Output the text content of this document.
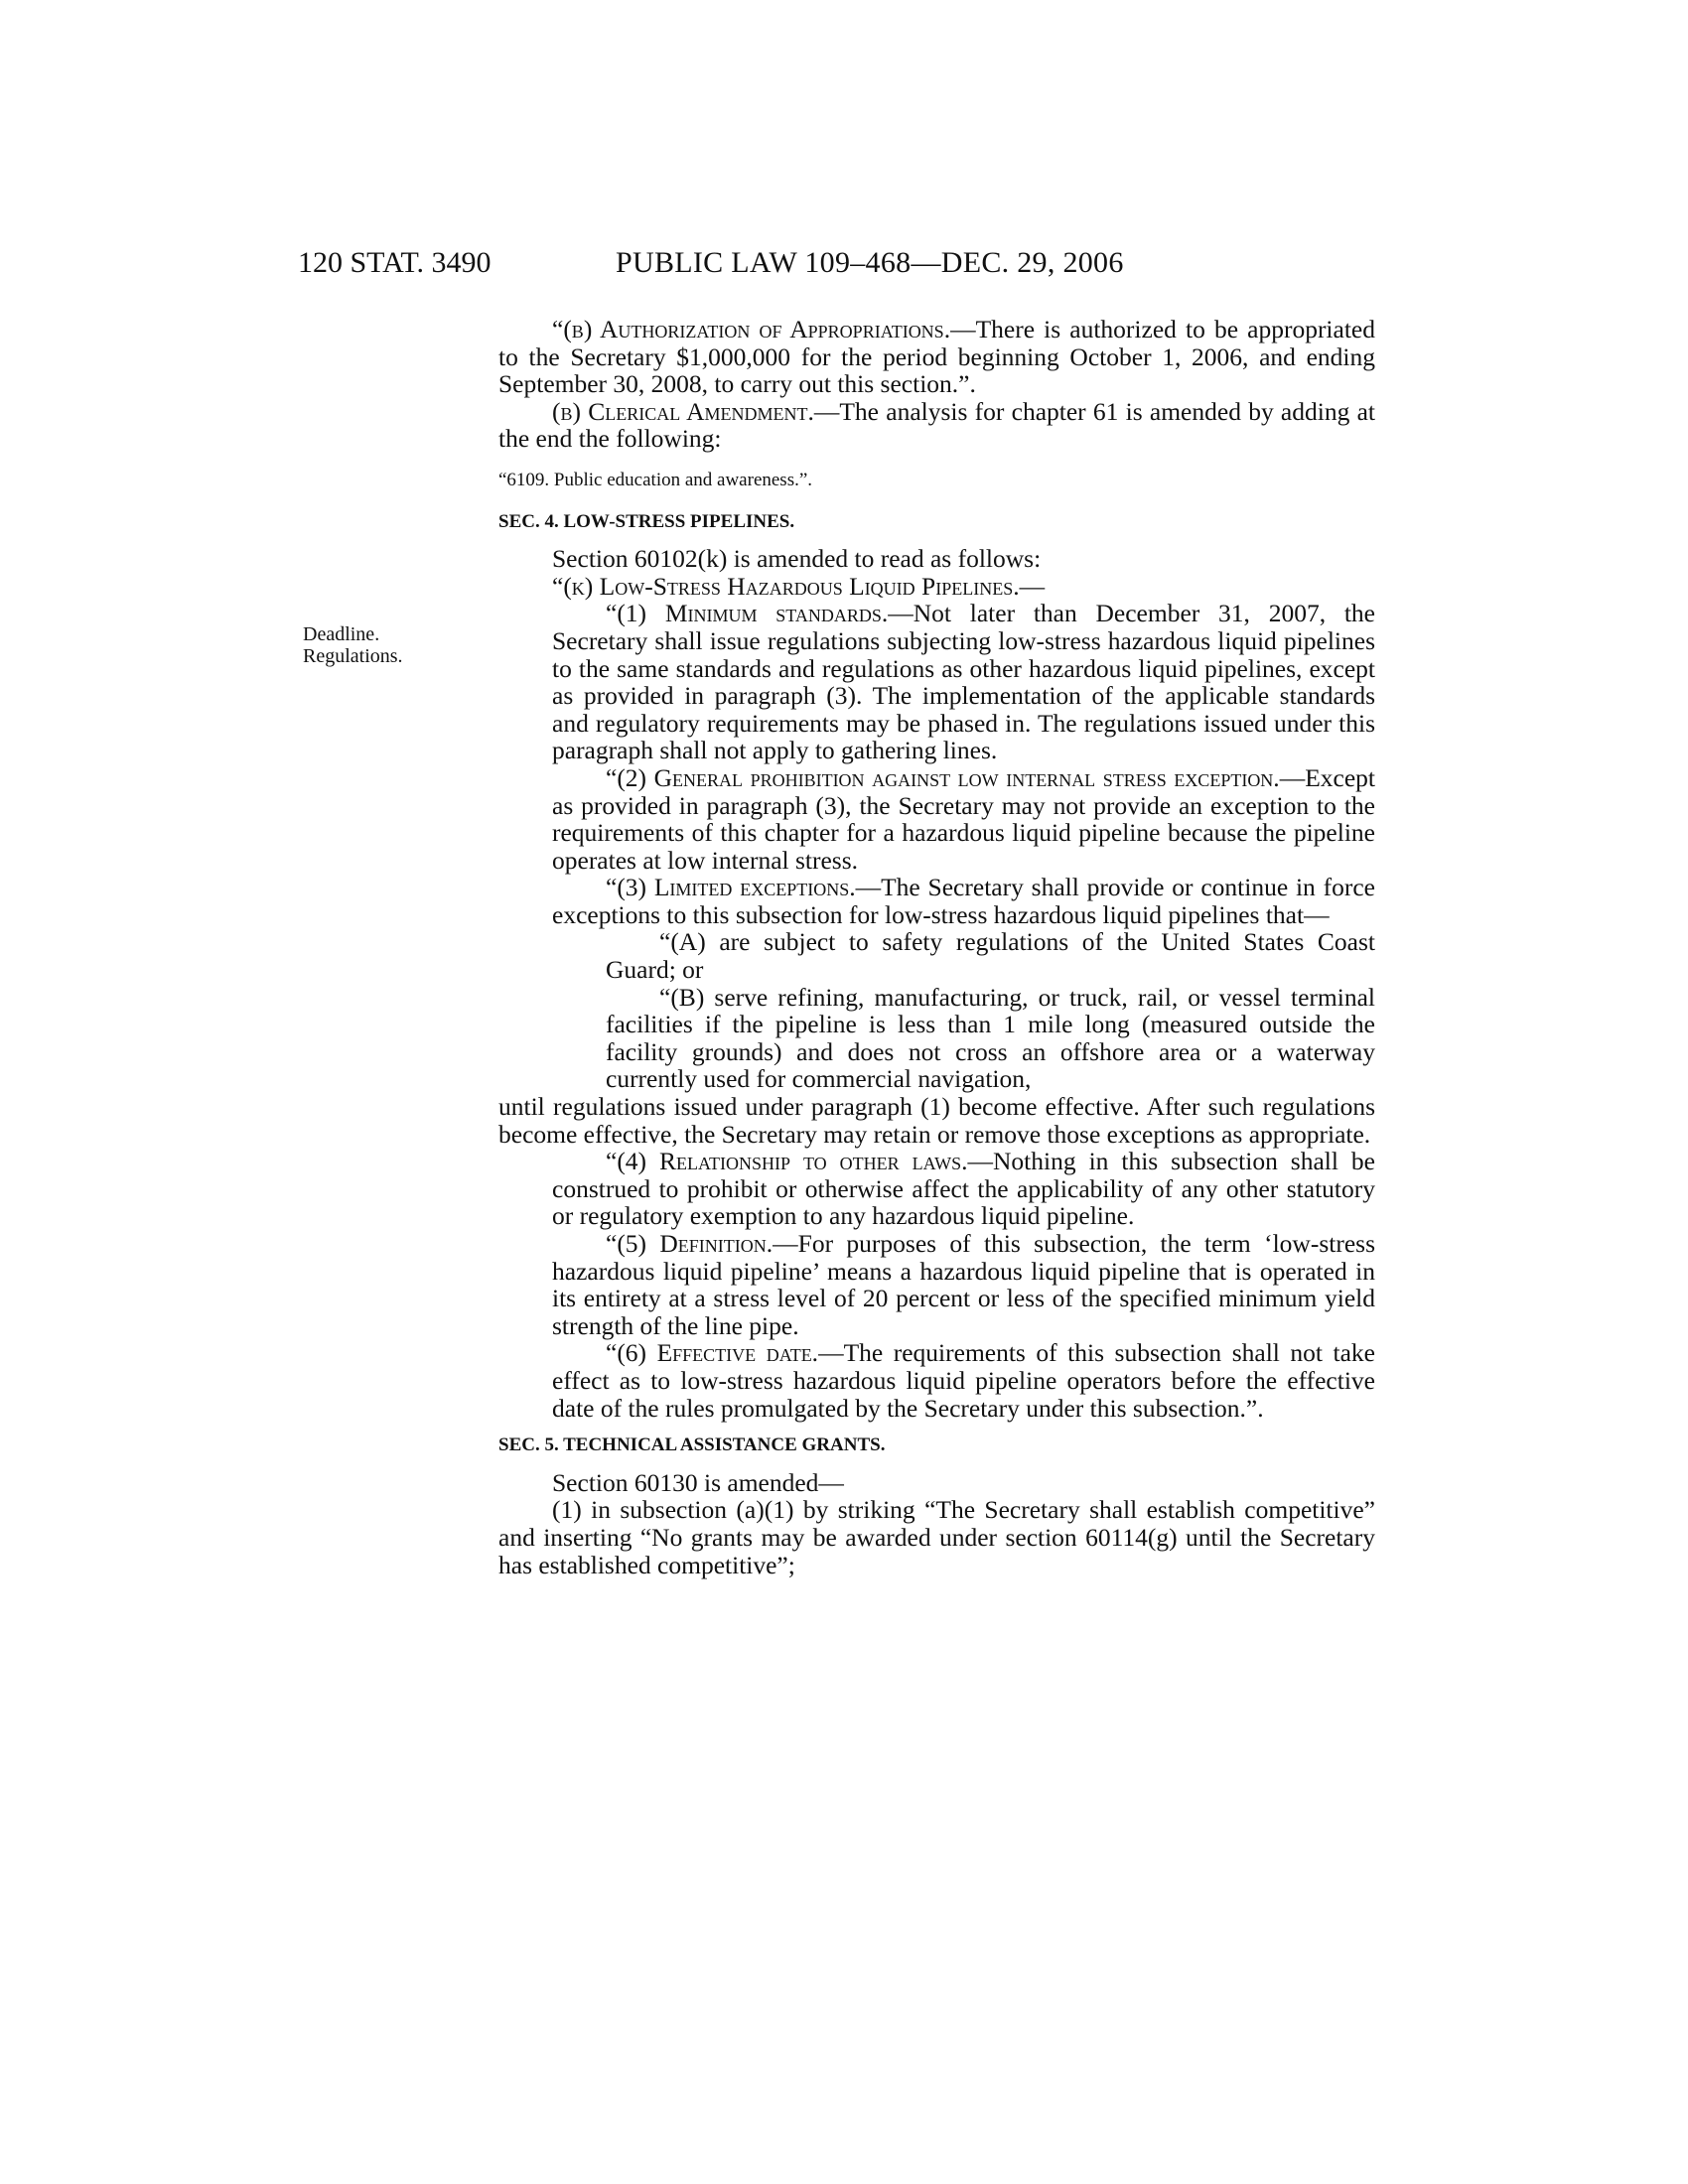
120 STAT. 3490	PUBLIC LAW 109–468—DEC. 29, 2006
Deadline.
Regulations.

“(b) Authorization of Appropriations.—There is authorized to be appropriated to the Secretary $1,000,000 for the period beginning October 1, 2006, and ending September 30, 2008, to carry out this section.”.

(b) Clerical Amendment.—The analysis for chapter 61 is amended by adding at the end the following:

“6109. Public education and awareness.”.
SEC. 4. LOW-STRESS PIPELINES.

Section 60102(k) is amended to read as follows:

“(k) Low-Stress Hazardous Liquid Pipelines.—

“(1) Minimum standards.—Not later than December 31, 2007, the Secretary shall issue regulations subjecting low-stress hazardous liquid pipelines to the same standards and regulations as other hazardous liquid pipelines, except as provided in paragraph (3). The implementation of the applicable standards and regulatory requirements may be phased in. The regulations issued under this paragraph shall not apply to gathering lines.

“(2) General prohibition against low internal stress exception.—Except as provided in paragraph (3), the Secretary may not provide an exception to the requirements of this chapter for a hazardous liquid pipeline because the pipeline operates at low internal stress.

“(3) Limited exceptions.—The Secretary shall provide or continue in force exceptions to this subsection for low-stress hazardous liquid pipelines that—

“(A) are subject to safety regulations of the United States Coast Guard; or

“(B) serve refining, manufacturing, or truck, rail, or vessel terminal facilities if the pipeline is less than 1 mile long (measured outside the facility grounds) and does not cross an offshore area or a waterway currently used for commercial navigation,

until regulations issued under paragraph (1) become effective. After such regulations become effective, the Secretary may retain or remove those exceptions as appropriate.

“(4) Relationship to other laws.—Nothing in this subsection shall be construed to prohibit or otherwise affect the applicability of any other statutory or regulatory exemption to any hazardous liquid pipeline.

“(5) Definition.—For purposes of this subsection, the term ‘low-stress hazardous liquid pipeline’ means a hazardous liquid pipeline that is operated in its entirety at a stress level of 20 percent or less of the specified minimum yield strength of the line pipe.

“(6) Effective date.—The requirements of this subsection shall not take effect as to low-stress hazardous liquid pipeline operators before the effective date of the rules promulgated by the Secretary under this subsection.”.

SEC. 5. TECHNICAL ASSISTANCE GRANTS.

Section 60130 is amended—

(1) in subsection (a)(1) by striking “The Secretary shall establish competitive” and inserting “No grants may be awarded under section 60114(g) until the Secretary has established competitive”;
